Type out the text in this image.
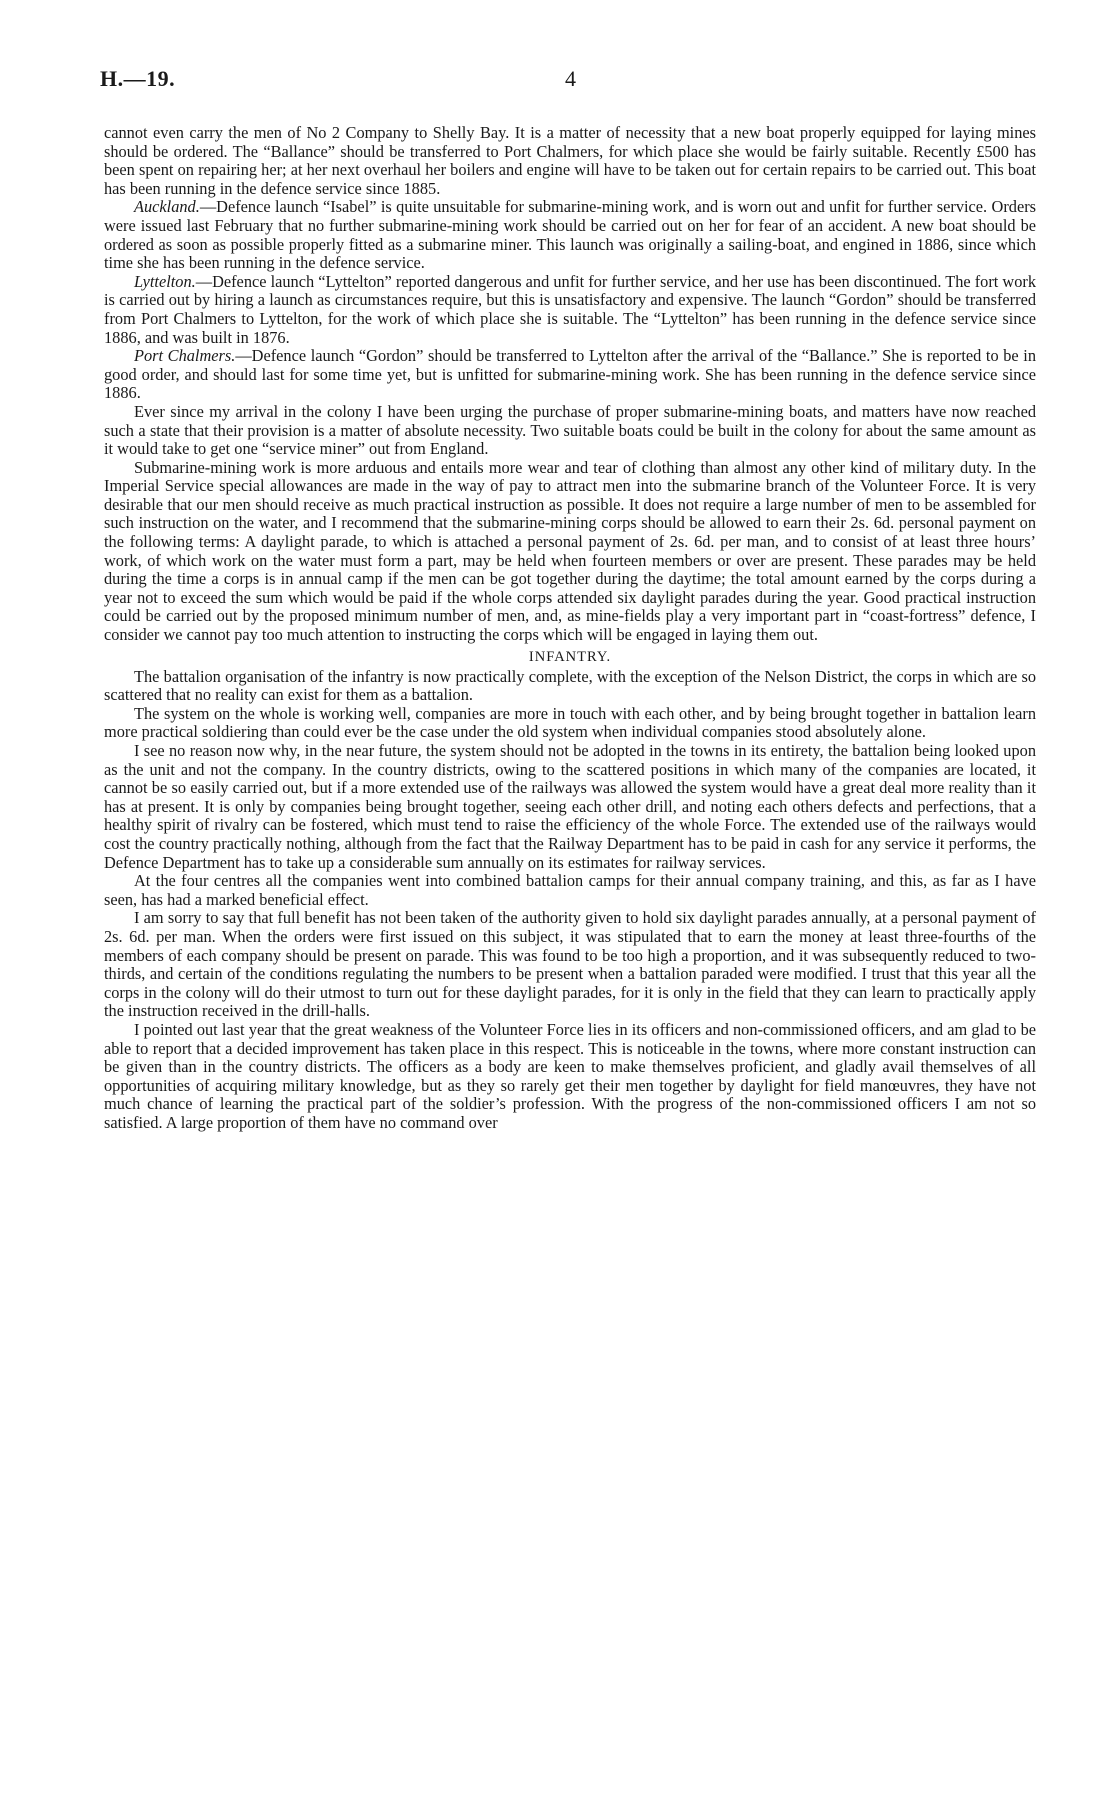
H.—19.	4

cannot even carry the men of No 2 Company to Shelly Bay. It is a matter of necessity that a new boat properly equipped for laying mines should be ordered. The “Ballance” should be transferred to Port Chalmers, for which place she would be fairly suitable. Recently £500 has been spent on repairing her; at her next overhaul her boilers and engine will have to be taken out for certain repairs to be carried out. This boat has been running in the defence service since 1885.

Auckland.—Defence launch “Isabel” is quite unsuitable for submarine-mining work, and is worn out and unfit for further service. Orders were issued last February that no further submarine-mining work should be carried out on her for fear of an accident. A new boat should be ordered as soon as possible properly fitted as a submarine miner. This launch was originally a sailing-boat, and engined in 1886, since which time she has been running in the defence service.

Lyttelton.—Defence launch “Lyttelton” reported dangerous and unfit for further service, and her use has been discontinued. The fort work is carried out by hiring a launch as circumstances require, but this is unsatisfactory and expensive. The launch “Gordon” should be transferred from Port Chalmers to Lyttelton, for the work of which place she is suitable. The “Lyttelton” has been running in the defence service since 1886, and was built in 1876.

Port Chalmers.—Defence launch “Gordon” should be transferred to Lyttelton after the arrival of the “Ballance.” She is reported to be in good order, and should last for some time yet, but is unfitted for submarine-mining work. She has been running in the defence service since 1886.

Ever since my arrival in the colony I have been urging the purchase of proper submarine-mining boats, and matters have now reached such a state that their provision is a matter of absolute necessity. Two suitable boats could be built in the colony for about the same amount as it would take to get one “service miner” out from England.

Submarine-mining work is more arduous and entails more wear and tear of clothing than almost any other kind of military duty. In the Imperial Service special allowances are made in the way of pay to attract men into the submarine branch of the Volunteer Force. It is very desirable that our men should receive as much practical instruction as possible. It does not require a large number of men to be assembled for such instruction on the water, and I recommend that the submarine-mining corps should be allowed to earn their 2s. 6d. personal payment on the following terms: A daylight parade, to which is attached a personal payment of 2s. 6d. per man, and to consist of at least three hours’ work, of which work on the water must form a part, may be held when fourteen members or over are present. These parades may be held during the time a corps is in annual camp if the men can be got together during the daytime; the total amount earned by the corps during a year not to exceed the sum which would be paid if the whole corps attended six daylight parades during the year. Good practical instruction could be carried out by the proposed minimum number of men, and, as mine-fields play a very important part in “coast-fortress” defence, I consider we cannot pay too much attention to instructing the corps which will be engaged in laying them out.

INFANTRY.

The battalion organisation of the infantry is now practically complete, with the exception of the Nelson District, the corps in which are so scattered that no reality can exist for them as a battalion.

The system on the whole is working well, companies are more in touch with each other, and by being brought together in battalion learn more practical soldiering than could ever be the case under the old system when individual companies stood absolutely alone.

I see no reason now why, in the near future, the system should not be adopted in the towns in its entirety, the battalion being looked upon as the unit and not the company. In the country districts, owing to the scattered positions in which many of the companies are located, it cannot be so easily carried out, but if a more extended use of the railways was allowed the system would have a great deal more reality than it has at present. It is only by companies being brought together, seeing each other drill, and noting each others defects and perfections, that a healthy spirit of rivalry can be fostered, which must tend to raise the efficiency of the whole Force. The extended use of the railways would cost the country practically nothing, although from the fact that the Railway Department has to be paid in cash for any service it performs, the Defence Department has to take up a considerable sum annually on its estimates for railway services.

At the four centres all the companies went into combined battalion camps for their annual company training, and this, as far as I have seen, has had a marked beneficial effect.

I am sorry to say that full benefit has not been taken of the authority given to hold six daylight parades annually, at a personal payment of 2s. 6d. per man. When the orders were first issued on this subject, it was stipulated that to earn the money at least three-fourths of the members of each company should be present on parade. This was found to be too high a proportion, and it was subsequently reduced to two-thirds, and certain of the conditions regulating the numbers to be present when a battalion paraded were modified. I trust that this year all the corps in the colony will do their utmost to turn out for these daylight parades, for it is only in the field that they can learn to practically apply the instruction received in the drill-halls.

I pointed out last year that the great weakness of the Volunteer Force lies in its officers and non-commissioned officers, and am glad to be able to report that a decided improvement has taken place in this respect. This is noticeable in the towns, where more constant instruction can be given than in the country districts. The officers as a body are keen to make themselves proficient, and gladly avail themselves of all opportunities of acquiring military knowledge, but as they so rarely get their men together by daylight for field manœuvres, they have not much chance of learning the practical part of the soldier’s profession. With the progress of the non-commissioned officers I am not so satisfied. A large proportion of them have no command over
